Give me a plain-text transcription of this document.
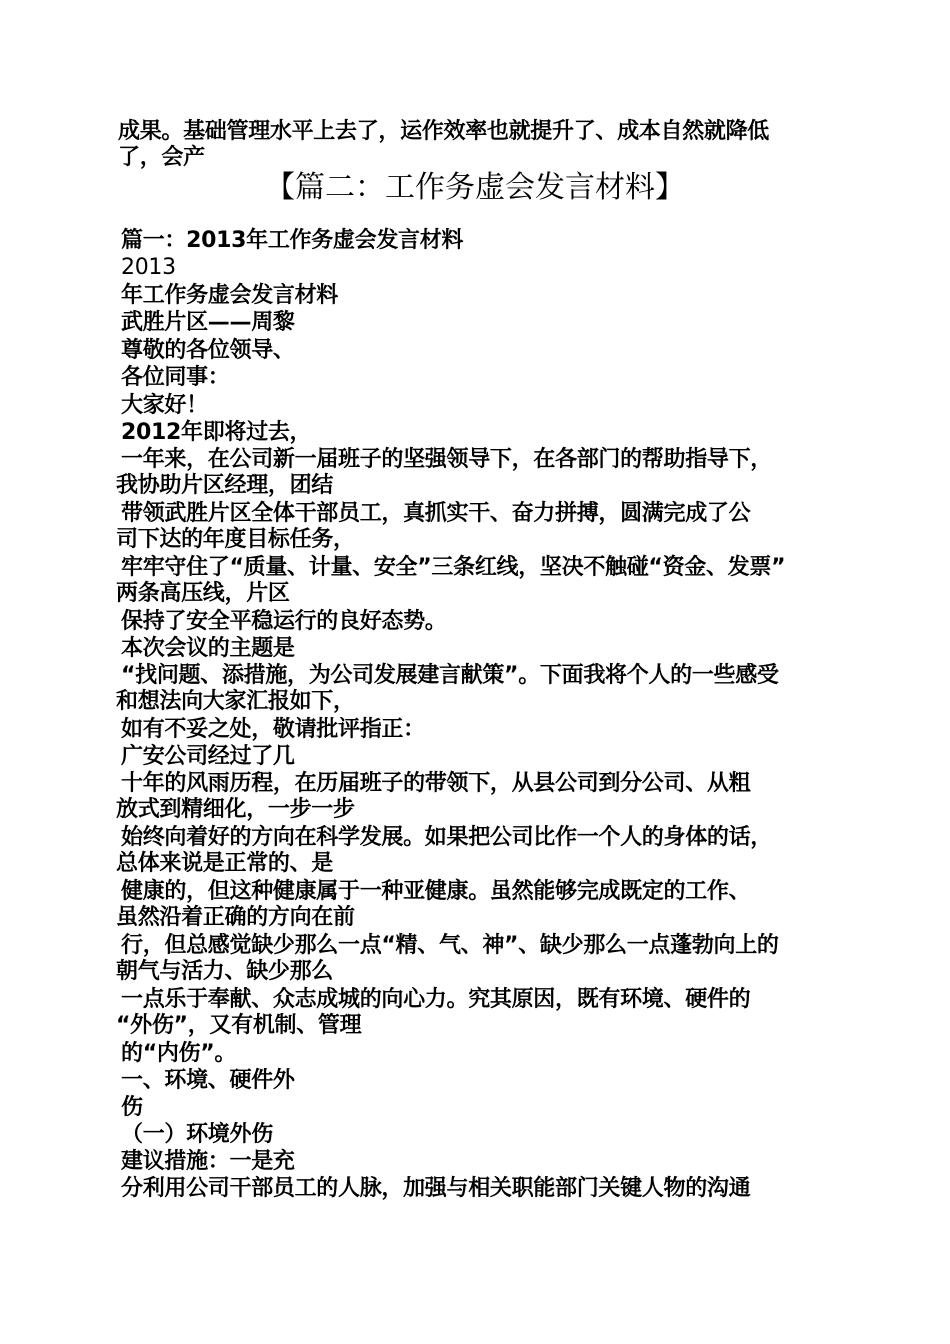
成果。基础管理水平上去了，运作效率也就提升了、成本自然就降低
了，会产
【篇二：工作务虚会发言材料】
篇一：2013年工作务虚会发言材料
2013
年工作务虚会发言材料
武胜片区——周黎
尊敬的各位领导、
各位同事：
大家好！
2012年即将过去，
一年来，在公司新一届班子的坚强领导下，在各部门的帮助指导下，
我协助片区经理，团结
带领武胜片区全体干部员工，真抓实干、奋力拼搏，圆满完成了公
司下达的年度目标任务，
牢牢守住了“质量、计量、安全”三条红线，坚决不触碰“资金、发票”
两条高压线，片区
保持了安全平稳运行的良好态势。
本次会议的主题是
“找问题、添措施，为公司发展建言献策”。下面我将个人的一些感受
和想法向大家汇报如下，
如有不妥之处，敬请批评指正：
广安公司经过了几
十年的风雨历程，在历届班子的带领下，从县公司到分公司、从粗
放式到精细化，一步一步
始终向着好的方向在科学发展。如果把公司比作一个人的身体的话，
总体来说是正常的、是
健康的，但这种健康属于一种亚健康。虽然能够完成既定的工作、
虽然沿着正确的方向在前
行，但总感觉缺少那么一点“精、气、神”、缺少那么一点蓬勃向上的
朝气与活力、缺少那么
一点乐于奉献、众志成城的向心力。究其原因，既有环境、硬件的
“外伤”，又有机制、管理
的“内伤”。
一、环境、硬件外
伤
（一）环境外伤
建议措施：一是充
分利用公司干部员工的人脉，加强与相关职能部门关键人物的沟通
